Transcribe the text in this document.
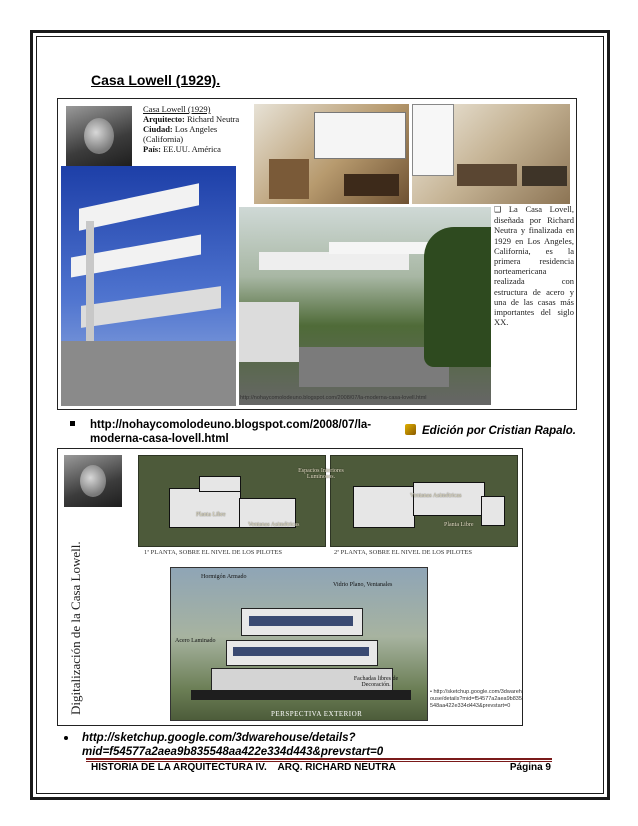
Casa Lowell (1929).
Casa Lowell (1929)
Arquitecto: Richard Neutra
Ciudad: Los Angeles (California)
País: EE.UU. América
http://nohaycomolodeuno.blogspot.com/2008/07/la-moderna-casa-lovell.html
❑ La Casa Lovell, diseñada por Richard Neutra y finalizada en 1929 en Los Angeles, California, es la primera residencia norteamericana realizada con estructura de acero y una de las casas más importantes del siglo XX.
http://nohaycomolodeuno.blogspot.com/2008/07/la-moderna-casa-lovell.html
Edición por Cristian Rapalo.
Digitalización de la Casa Lowell.
Planta Libre
Ventanas Asimétricas
Espacios Interiores Luminosos.
Ventanas Asimétricas
Planta Libre
1ª PLANTA, SOBRE EL NIVEL DE LOS PILOTES	2ª PLANTA, SOBRE EL NIVEL DE LOS PILOTES
Hormigón Armado
Vidrio Plano, Ventanales
Acero Laminado
Fachadas libres de Decoración.
PERSPECTIVA EXTERIOR
• http://sketchup.google.com/3dwarehouse/details?mid=f54577a2aea9b835548aa422e334d443&prevstart=0
http://sketchup.google.com/3dwarehouse/details?mid=f54577a2aea9b835548aa422e334d443&prevstart=0
HISTORIA DE LA ARQUITECTURA IV.    ARQ. RICHARD NEUTRA	Página 9
